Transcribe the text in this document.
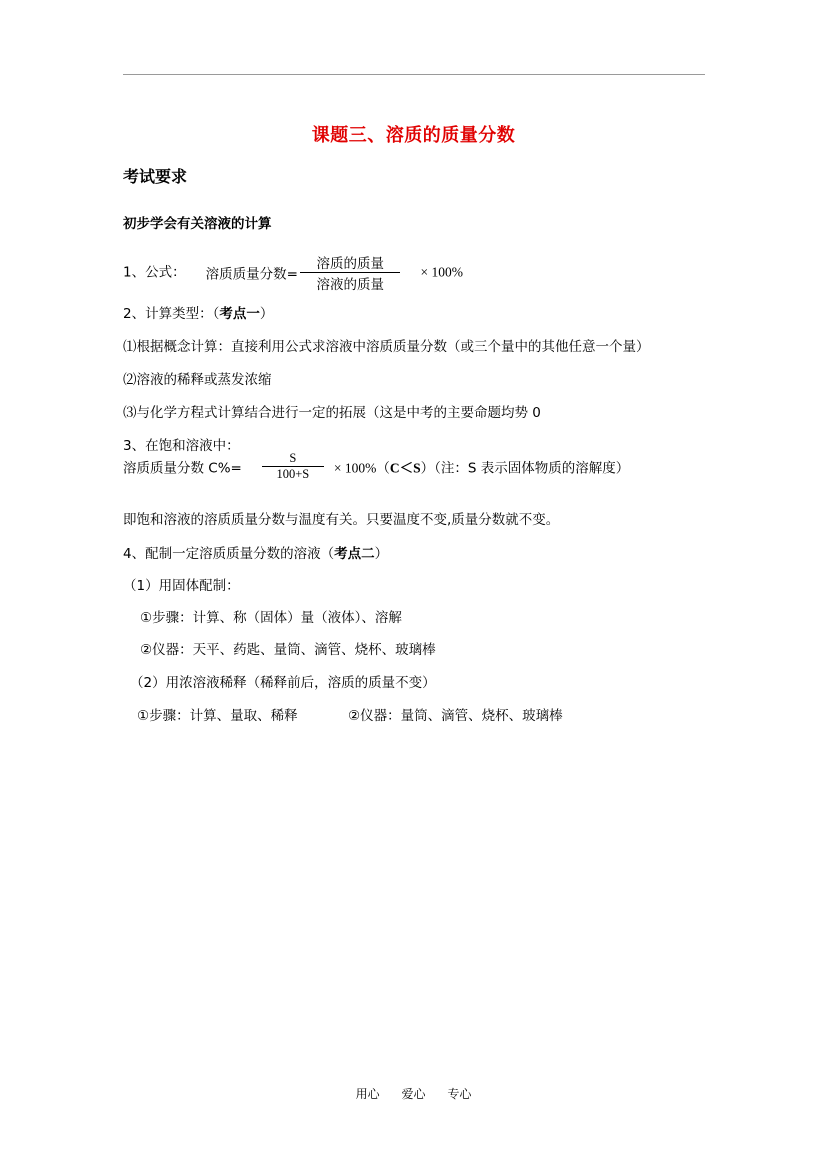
课题三、溶质的质量分数
考试要求
初步学会有关溶液的计算
1、公式： 溶质质量分数= $\frac{\text{溶质的质量}}{\text{溶液的质量}} \times 100\%$
2、计算类型：（考点一）
⑴根据概念计算：直接利用公式求溶液中溶质质量分数（或三个量中的其他任意一个量）
⑵溶液的稀释或蒸发浓缩
⑶与化学方程式计算结合进行一定的拓展（这是中考的主要命题均势 0
3、在饱和溶液中：
溶质质量分数 $C\%= \frac{S}{100+S} \times 100\%(C<S)$（注：S 表示固体物质的溶解度）
即饱和溶液的溶质质量分数与温度有关。只要温度不变,质量分数就不变。
4、配制一定溶质质量分数的溶液（考点二）
（1）用固体配制：
①步骤：计算、称（固体）量（液体）、溶解
②仪器：天平、药匙、量筒、滴管、烧杯、玻璃棒
（2）用浓溶液稀释（稀释前后，溶质的质量不变）
①步骤：计算、量取、稀释	②仪器：量筒、滴管、烧杯、玻璃棒
用心 爱心 专心
